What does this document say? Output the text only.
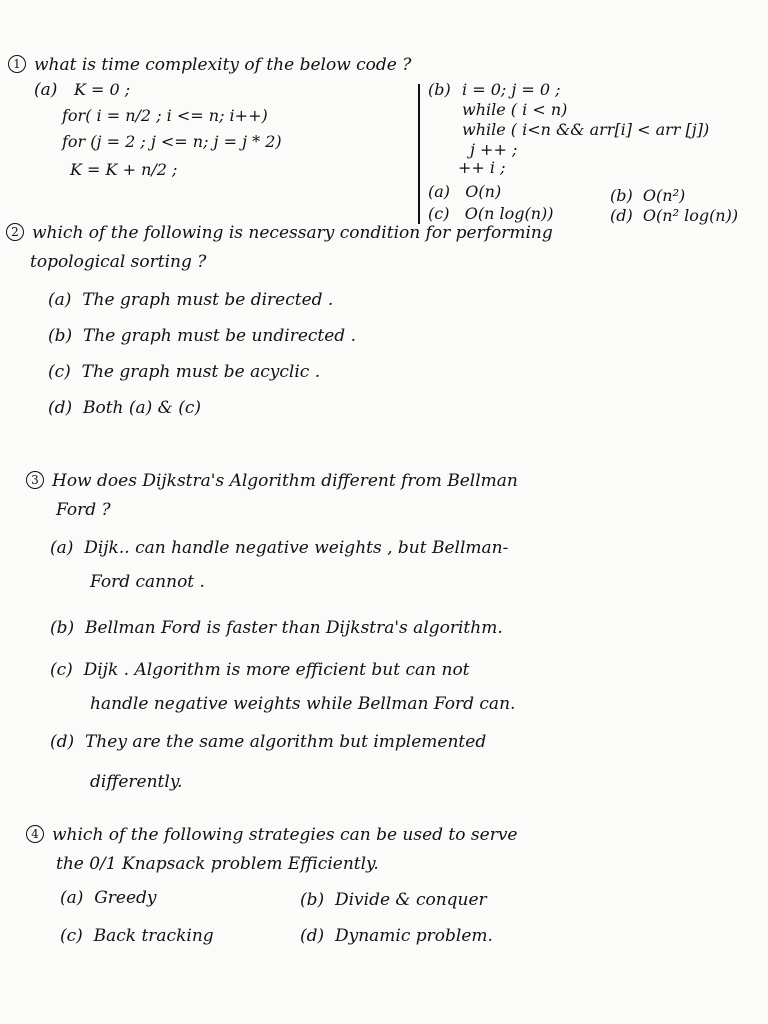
1 what is time complexity of the below code ?
(a) K = 0 ;
for( i = n/2 ; i <= n; i++)
for (j = 2 ; j <= n; j = j * 2)
K = K + n/2 ;
(b) i = 0; j = 0 ;
while ( i < n)
while ( i<n && arr[i] < arr [j])
j ++ ;
++ i ;
(a) O(n)	(b) O(n²)
(c) O(n log(n))	(d) O(n² log(n))
2 which of the following is necessary condition for performing
topological sorting ?
(a) The graph must be directed .
(b) The graph must be undirected .
(c) The graph must be acyclic .
(d) Both (a) & (c)
3 How does Dijkstra's Algorithm different from Bellman
Ford ?
(a) Dijk.. can handle negative weights , but Bellman-
Ford cannot .
(b) Bellman Ford is faster than Dijkstra's algorithm.
(c) Dijk . Algorithm is more efficient but can not
handle negative weights while Bellman Ford can.
(d) They are the same algorithm but implemented
differently.
4 which of the following strategies can be used to serve
the 0/1 Knapsack problem Efficiently.
(a) Greedy	(b) Divide & conquer
(c) Back tracking	(d) Dynamic problem.
